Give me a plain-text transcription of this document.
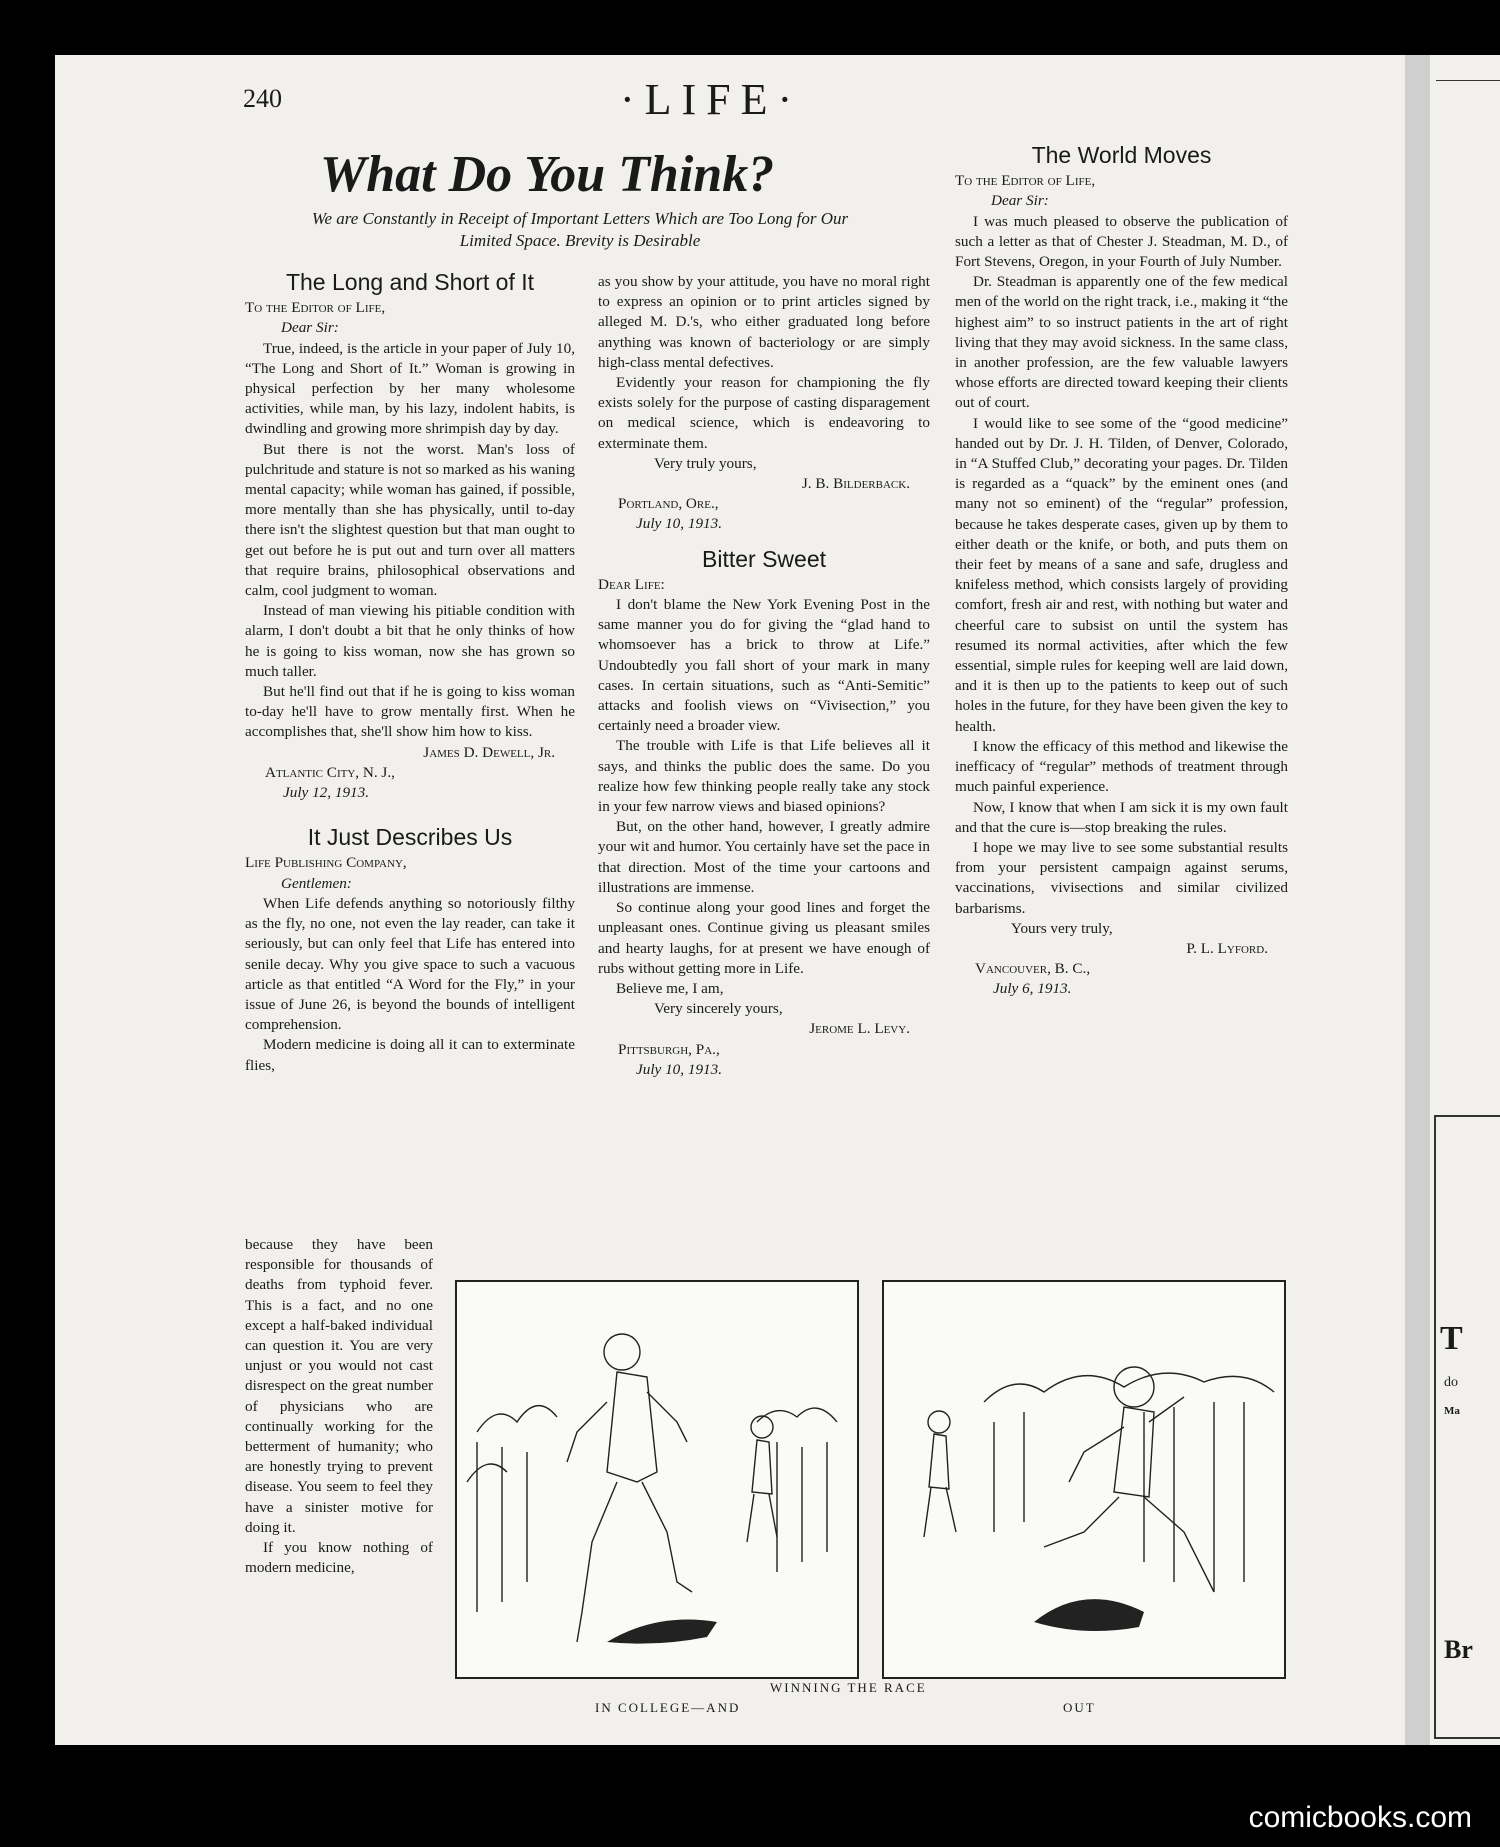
T
do
Ma
Br
240	·LIFE·
What Do You Think?
We are Constantly in Receipt of Important Letters Which are Too Long for Our Limited Space. Brevity is Desirable

The Long and Short of It

To the Editor of Life,

Dear Sir:

True, indeed, is the article in your paper of July 10, “The Long and Short of It.” Woman is growing in physical perfection by her many wholesome activities, while man, by his lazy, indolent habits, is dwindling and growing more shrimpish day by day.

But there is not the worst. Man's loss of pulchritude and stature is not so marked as his waning mental capacity; while woman has gained, if possible, more mentally than she has physically, until to-day there isn't the slightest question but that man ought to get out before he is put out and turn over all matters that require brains, philosophical observations and calm, cool judgment to woman.

Instead of man viewing his pitiable condition with alarm, I don't doubt a bit that he only thinks of how he is going to kiss woman, now she has grown so much taller.

But he'll find out that if he is going to kiss woman to-day he'll have to grow mentally first. When he accomplishes that, she'll show him how to kiss.

James D. Dewell, Jr.

Atlantic City, N. J.,

July 12, 1913.

It Just Describes Us

Life Publishing Company,

Gentlemen:

When Life defends anything so notoriously filthy as the fly, no one, not even the lay reader, can take it seriously, but can only feel that Life has entered into senile decay. Why you give space to such a vacuous article as that entitled “A Word for the Fly,” in your issue of June 26, is beyond the bounds of intelligent comprehension.

Modern medicine is doing all it can to exterminate flies,

because they have been responsible for thousands of deaths from typhoid fever. This is a fact, and no one except a half-baked individual can question it. You are very unjust or you would not cast disrespect on the great number of physicians who are continually working for the betterment of humanity; who are honestly trying to prevent disease. You seem to feel they have a sinister motive for doing it.

If you know nothing of modern medicine,

as you show by your attitude, you have no moral right to express an opinion or to print articles signed by alleged M. D.'s, who either graduated long before anything was known of bacteriology or are simply high-class mental defectives.

Evidently your reason for championing the fly exists solely for the purpose of casting disparagement on medical science, which is endeavoring to exterminate them.

Very truly yours,

J. B. Bilderback.

Portland, Ore.,

July 10, 1913.

Bitter Sweet

Dear Life:

I don't blame the New York Evening Post in the same manner you do for giving the “glad hand to whomsoever has a brick to throw at Life.” Undoubtedly you fall short of your mark in many cases. In certain situations, such as “Anti-Semitic” attacks and foolish views on “Vivisection,” you certainly need a broader view.

The trouble with Life is that Life believes all it says, and thinks the public does the same. Do you realize how few thinking people really take any stock in your few narrow views and biased opinions?

But, on the other hand, however, I greatly admire your wit and humor. You certainly have set the pace in that direction. Most of the time your cartoons and illustrations are immense.

So continue along your good lines and forget the unpleasant ones. Continue giving us pleasant smiles and hearty laughs, for at present we have enough of rubs without getting more in Life.

Believe me, I am,

Very sincerely yours,

Jerome L. Levy.

Pittsburgh, Pa.,

July 10, 1913.

The World Moves

To the Editor of Life,

Dear Sir:

I was much pleased to observe the publication of such a letter as that of Chester J. Steadman, M. D., of Fort Stevens, Oregon, in your Fourth of July Number.

Dr. Steadman is apparently one of the few medical men of the world on the right track, i.e., making it “the highest aim” to so instruct patients in the art of right living that they may avoid sickness. In the same class, in another profession, are the few valuable lawyers whose efforts are directed toward keeping their clients out of court.

I would like to see some of the “good medicine” handed out by Dr. J. H. Tilden, of Denver, Colorado, in “A Stuffed Club,” decorating your pages. Dr. Tilden is regarded as a “quack” by the eminent ones (and many not so eminent) of the “regular” profession, because he takes desperate cases, given up by them to either death or the knife, or both, and puts them on their feet by means of a sane and safe, drugless and knifeless method, which consists largely of providing comfort, fresh air and rest, with nothing but water and cheerful care to subsist on until the system has resumed its normal activities, after which the few essential, simple rules for keeping well are laid down, and it is then up to the patients to keep out of such holes in the future, for they have been given the key to health.

I know the efficacy of this method and likewise the inefficacy of “regular” methods of treatment through much painful experience.

Now, I know that when I am sick it is my own fault and that the cure is—stop breaking the rules.

I hope we may live to see some substantial results from your persistent campaign against serums, vaccinations, vivisections and similar civilized barbarisms.

Yours very truly,

P. L. Lyford.

Vancouver, B. C.,

July 6, 1913.

WINNING THE RACE
IN COLLEGE—AND	OUT
comicbooks.com
